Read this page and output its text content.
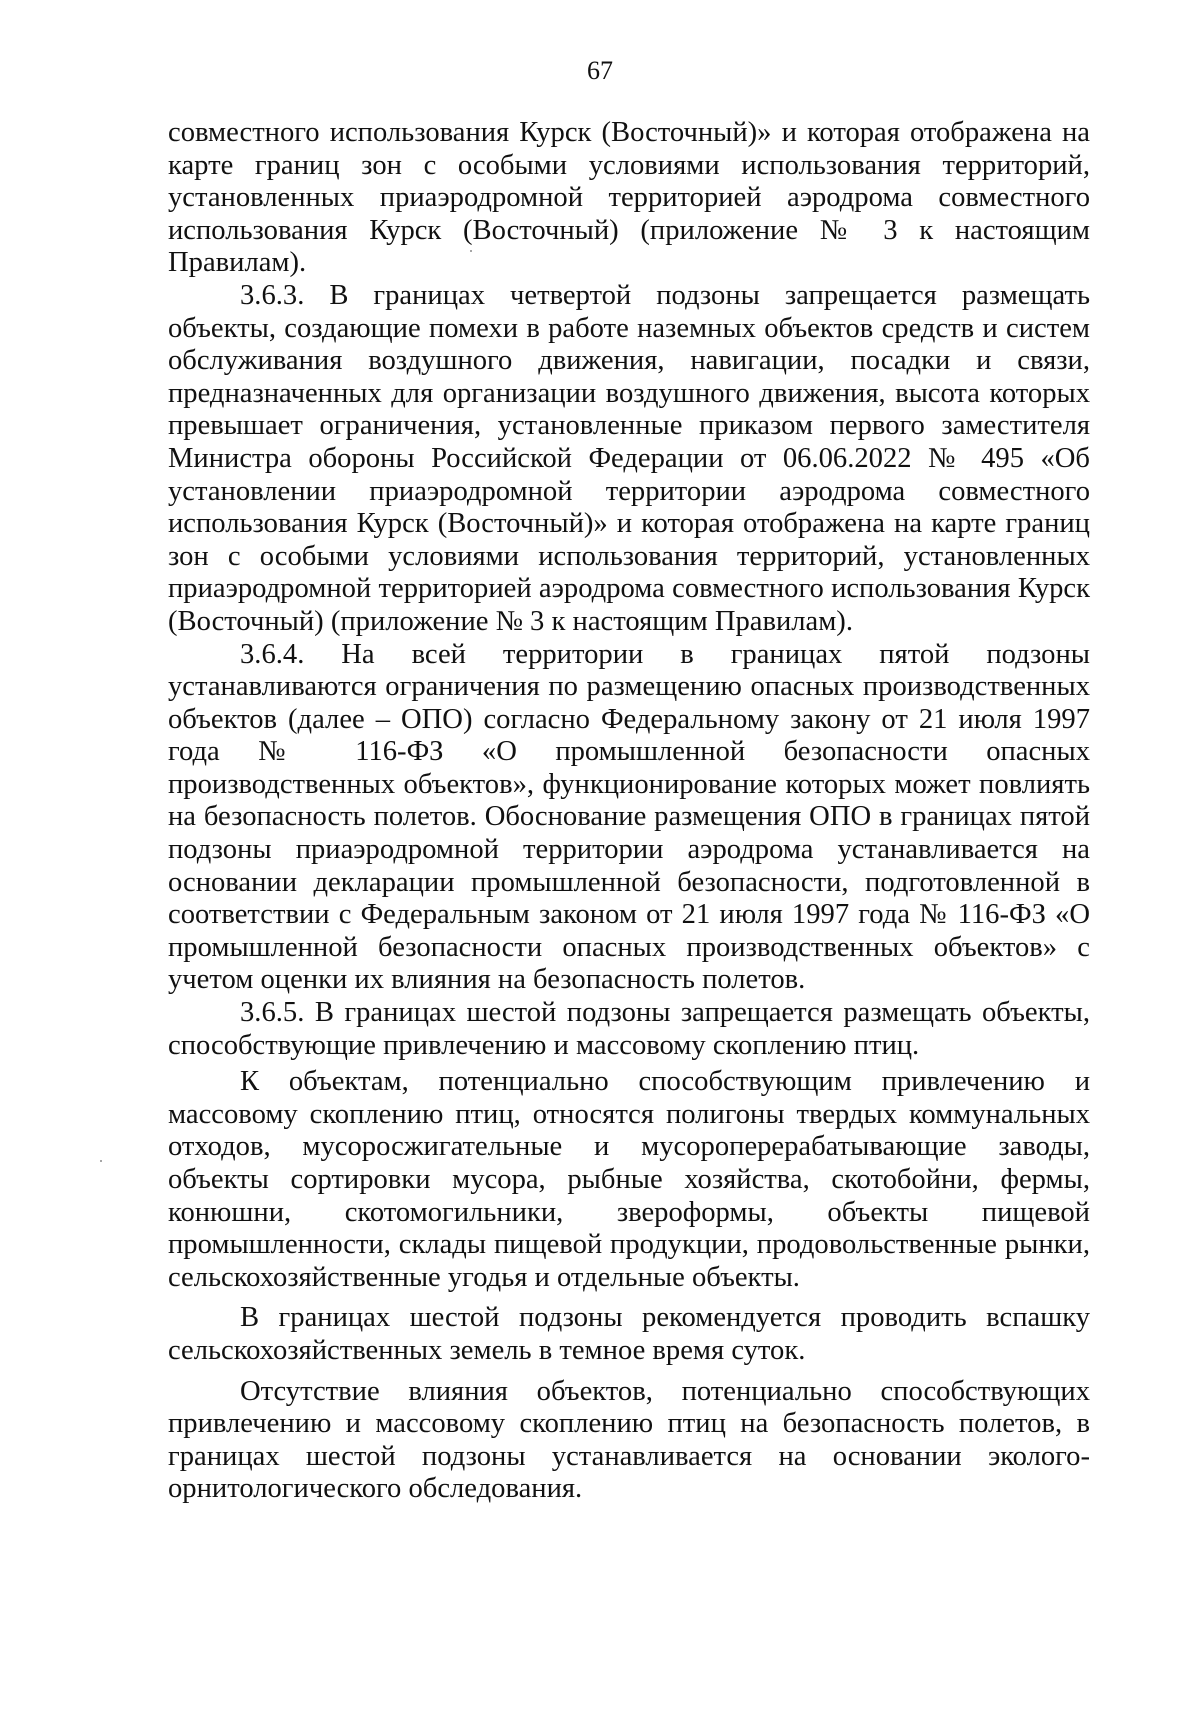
67

совместного использования Курск (Восточный)» и которая отображена на карте границ зон с особыми условиями использования территорий, установленных приаэродромной территорией аэродрома совместного использования Курск (Восточный) (приложение № 3 к настоящим Правилам).

3.6.3. В границах четвертой подзоны запрещается размещать объекты, создающие помехи в работе наземных объектов средств и систем обслуживания воздушного движения, навигации, посадки и связи, предназначенных для организации воздушного движения, высота которых превышает ограничения, установленные приказом первого заместителя Министра обороны Российской Федерации от 06.06.2022 № 495 «Об установлении приаэродромной территории аэродрома совместного использования Курск (Восточный)» и которая отображена на карте границ зон с особыми условиями использования территорий, установленных приаэродромной территорией аэродрома совместного использования Курск (Восточный) (приложение № 3 к настоящим Правилам).

3.6.4. На всей территории в границах пятой подзоны устанавливаются ограничения по размещению опасных производственных объектов (далее – ОПО) согласно Федеральному закону от 21 июля 1997 года № 116-ФЗ «О промышленной безопасности опасных производственных объектов», функционирование которых может повлиять на безопасность полетов. Обоснование размещения ОПО в границах пятой подзоны приаэродромной территории аэродрома устанавливается на основании декларации промышленной безопасности, подготовленной в соответствии с Федеральным законом от 21 июля 1997 года № 116-ФЗ «О промышленной безопасности опасных производственных объектов» с учетом оценки их влияния на безопасность полетов.

3.6.5. В границах шестой подзоны запрещается размещать объекты, способствующие привлечению и массовому скоплению птиц.

К объектам, потенциально способствующим привлечению и массовому скоплению птиц, относятся полигоны твердых коммунальных отходов, мусоросжигательные и мусороперерабатывающие заводы, объекты сортировки мусора, рыбные хозяйства, скотобойни, фермы, конюшни, скотомогильники, звероформы, объекты пищевой промышленности, склады пищевой продукции, продовольственные рынки, сельскохозяйственные угодья и отдельные объекты.

В границах шестой подзоны рекомендуется проводить вспашку сельскохозяйственных земель в темное время суток.

Отсутствие влияния объектов, потенциально способствующих привлечению и массовому скоплению птиц на безопасность полетов, в границах шестой подзоны устанавливается на основании эколого-орнитологического обследования.
